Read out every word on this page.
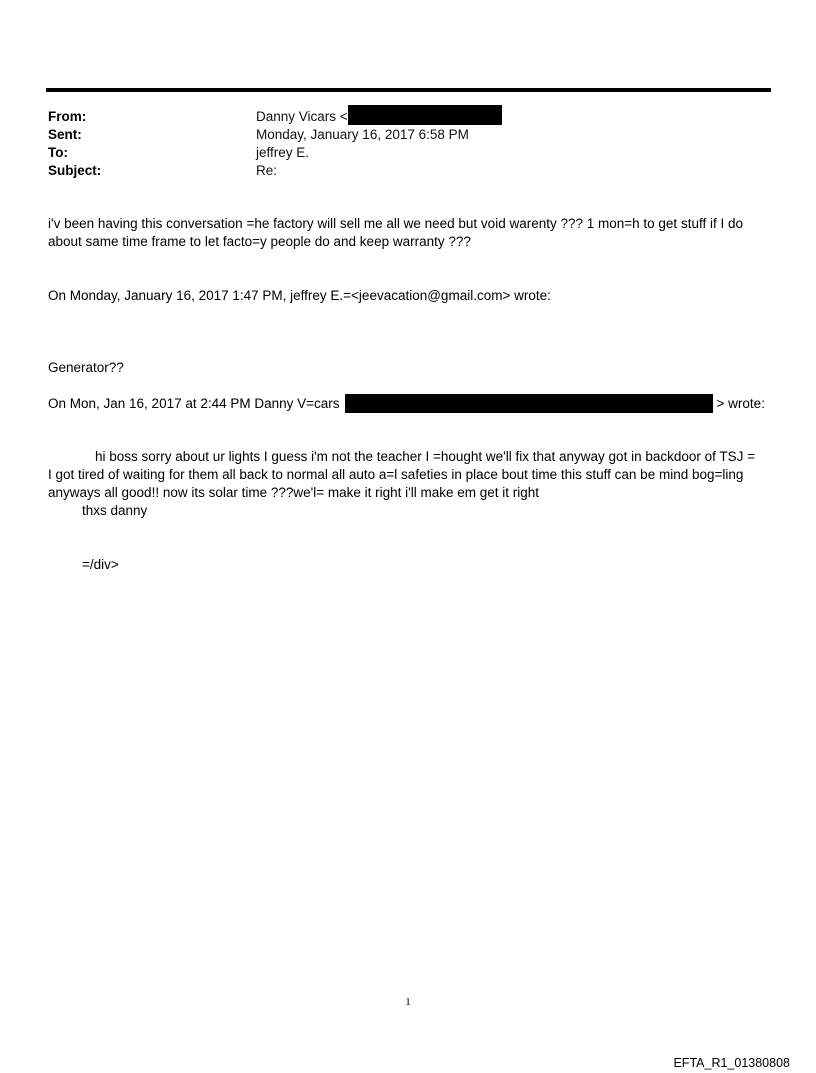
From:	Danny Vicars <
Sent:	Monday, January 16, 2017 6:58 PM
To:	jeffrey E.
Subject:	Re:
i'v been having this conversation =he factory will sell me all we need but void warenty ??? 1 mon=h to get stuff if I do
about same time frame to let facto=y people do and keep warranty ???
On Monday, January 16, 2017 1:47 PM, jeffrey E.=<jeevacation@gmail.com> wrote:
Generator??
On Mon, Jan 16, 2017 at 2:44 PM Danny V=cars	> wrote:
hi boss sorry about ur lights I guess i'm not the teacher I =hought we'll fix that anyway got in backdoor of TSJ =
I got tired of waiting for them all back to normal all auto a=l safeties in place bout time this stuff can be mind bog=ling
anyways all good!! now its solar time ???we'l= make it right i'll make em get it right
thxs danny
=/div>
1
EFTA_R1_01380808
